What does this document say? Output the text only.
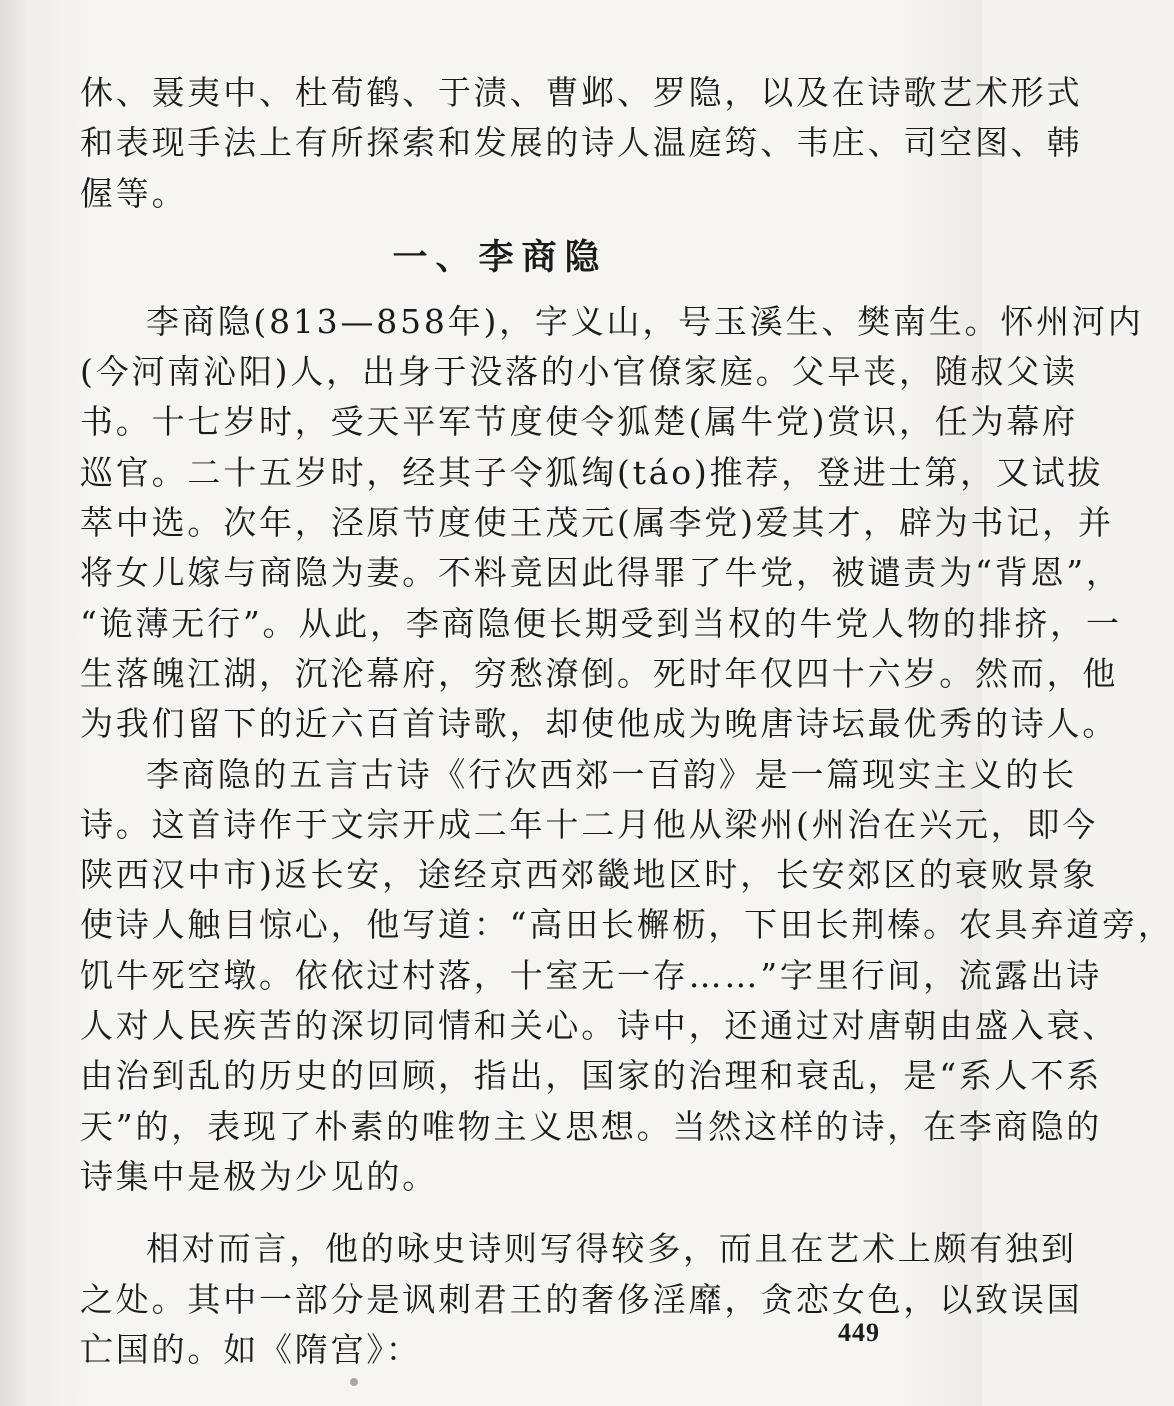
休、聂夷中、杜荀鹤、于渍、曹邺、罗隐，以及在诗歌艺术形式
和表现手法上有所探索和发展的诗人温庭筠、韦庄、司空图、韩
偓等。
一、李商隐
李商隐(813—858年)，字义山，号玉溪生、樊南生。怀州河内
(今河南沁阳)人，出身于没落的小官僚家庭。父早丧，随叔父读
书。十七岁时，受天平军节度使令狐楚(属牛党)赏识，任为幕府
巡官。二十五岁时，经其子令狐绹(táo)推荐，登进士第，又试拔
萃中选。次年，泾原节度使王茂元(属李党)爱其才，辟为书记，并
将女儿嫁与商隐为妻。不料竟因此得罪了牛党，被谴责为“背恩”，
“诡薄无行”。从此，李商隐便长期受到当权的牛党人物的排挤，一
生落魄江湖，沉沦幕府，穷愁潦倒。死时年仅四十六岁。然而，他
为我们留下的近六百首诗歌，却使他成为晚唐诗坛最优秀的诗人。
李商隐的五言古诗《行次西郊一百韵》是一篇现实主义的长
诗。这首诗作于文宗开成二年十二月他从梁州(州治在兴元，即今
陕西汉中市)返长安，途经京西郊畿地区时，长安郊区的衰败景象
使诗人触目惊心，他写道：“高田长檞枥，下田长荆榛。农具弃道旁，
饥牛死空墩。依依过村落，十室无一存……”字里行间，流露出诗
人对人民疾苦的深切同情和关心。诗中，还通过对唐朝由盛入衰、
由治到乱的历史的回顾，指出，国家的治理和衰乱，是“系人不系
天”的，表现了朴素的唯物主义思想。当然这样的诗，在李商隐的
诗集中是极为少见的。
相对而言，他的咏史诗则写得较多，而且在艺术上颇有独到
之处。其中一部分是讽刺君王的奢侈淫靡，贪恋女色，以致误国
亡国的。如《隋宫》：	449
